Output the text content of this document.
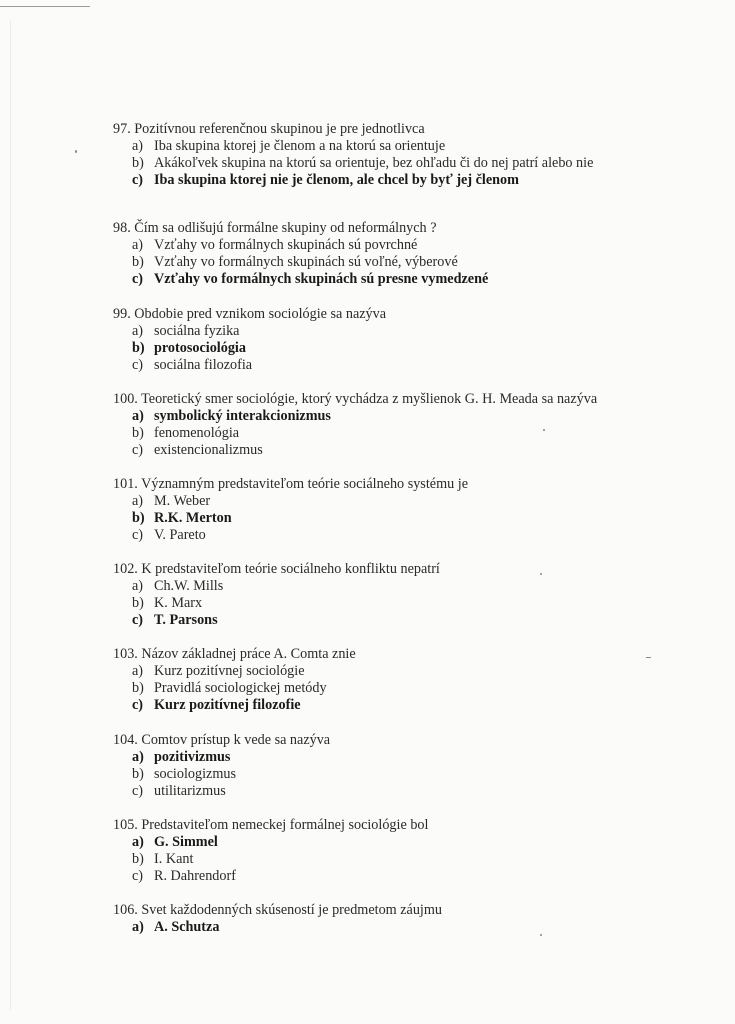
97. Pozitívnou referenčnou skupinou je pre jednotlivca
a) Iba skupina ktorej je členom a na ktorú sa orientuje
b) Akákoľvek skupina na ktorú sa orientuje, bez ohľadu či do nej patrí alebo nie
c) Iba skupina ktorej nie je členom, ale chcel by byť jej členom
98. Čím sa odlišujú formálne skupiny od neformálnych ?
a) Vzťahy vo formálnych skupinách sú povrchné
b) Vzťahy vo formálnych skupinách sú voľné, výberové
c) Vzťahy vo formálnych skupinách sú presne vymedzené
99. Obdobie pred vznikom sociológie sa nazýva
a) sociálna fyzika
b) protosociológia
c) sociálna filozofia
100. Teoretický smer sociológie, ktorý vychádza z myšlienok G. H. Meada sa nazýva
a) symbolický interakcionizmus
b) fenomenológia
c) existencionalizmus
101. Významným predstaviteľom teórie sociálneho systému je
a) M. Weber
b) R.K. Merton
c) V. Pareto
102. K predstaviteľom teórie sociálneho konfliktu nepatrí
a) Ch.W. Mills
b) K. Marx
c) T. Parsons
103. Názov základnej práce A. Comta znie
a) Kurz pozitívnej sociológie
b) Pravidlá sociologickej metódy
c) Kurz pozitívnej filozofie
104. Comtov prístup k vede sa nazýva
a) pozitivizmus
b) sociologizmus
c) utilitarizmus
105. Predstaviteľom nemeckej formálnej sociológie bol
a) G. Simmel
b) I. Kant
c) R. Dahrendorf
106. Svet každodenných skúseností je predmetom záujmu
a) A. Schutza
